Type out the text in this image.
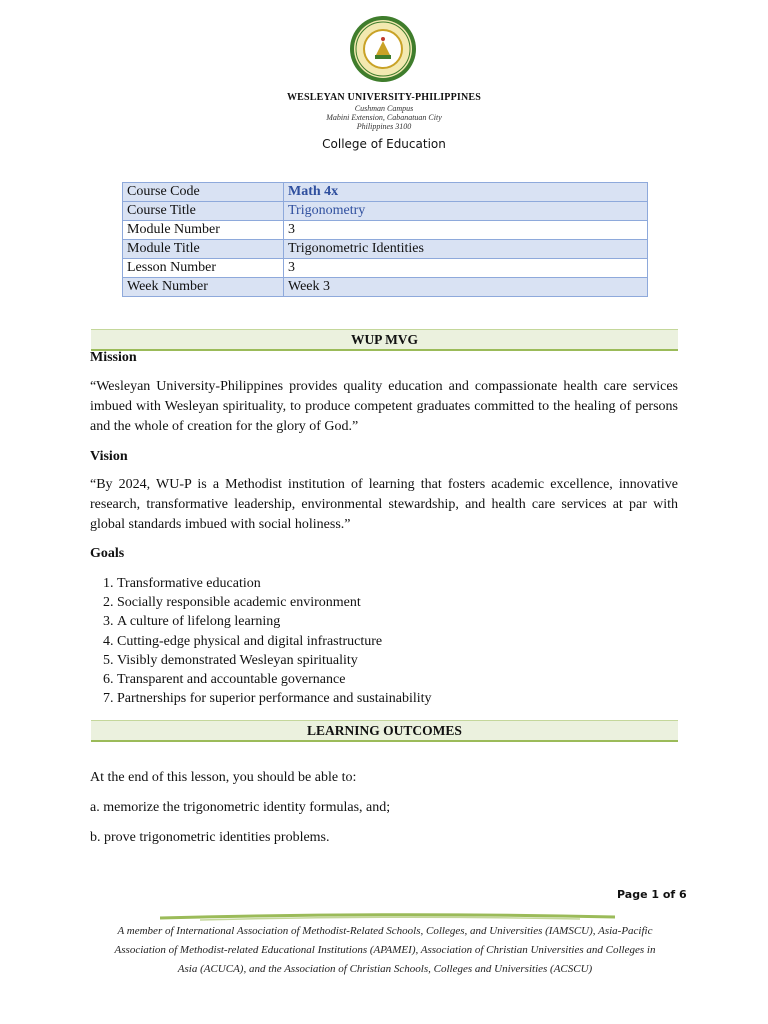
WESLEYAN UNIVERSITY-PHILIPPINES
Cushman Campus
Mabini Extension, Cabanatuan City
Philippines 3100
College of Education
Course Code	Math 4x
Course Title	Trigonometry
Module Number	3
Module Title	Trigonometric Identities
Lesson Number	3
Week Number	Week 3
WUP MVG
Mission
“Wesleyan University-Philippines provides quality education and compassionate health care services imbued with Wesleyan spirituality, to produce competent graduates committed to the healing of persons and the whole of creation for the glory of God.”
Vision
“By 2024, WU-P is a Methodist institution of learning that fosters academic excellence, innovative research, transformative leadership, environmental stewardship, and health care services at par with global standards imbued with social holiness.”
Goals
1. Transformative education
2. Socially responsible academic environment
3. A culture of lifelong learning
4. Cutting-edge physical and digital infrastructure
5. Visibly demonstrated Wesleyan spirituality
6. Transparent and accountable governance
7. Partnerships for superior performance and sustainability
LEARNING OUTCOMES
At the end of this lesson, you should be able to:
a. memorize the trigonometric identity formulas, and;
b. prove trigonometric identities problems.
Page 1 of 6
A member of International Association of Methodist-Related Schools, Colleges, and Universities (IAMSCU), Asia-Pacific Association of Methodist-related Educational Institutions (APAMEI), Association of Christian Universities and Colleges in Asia (ACUCA), and the Association of Christian Schools, Colleges and Universities (ACSCU)
